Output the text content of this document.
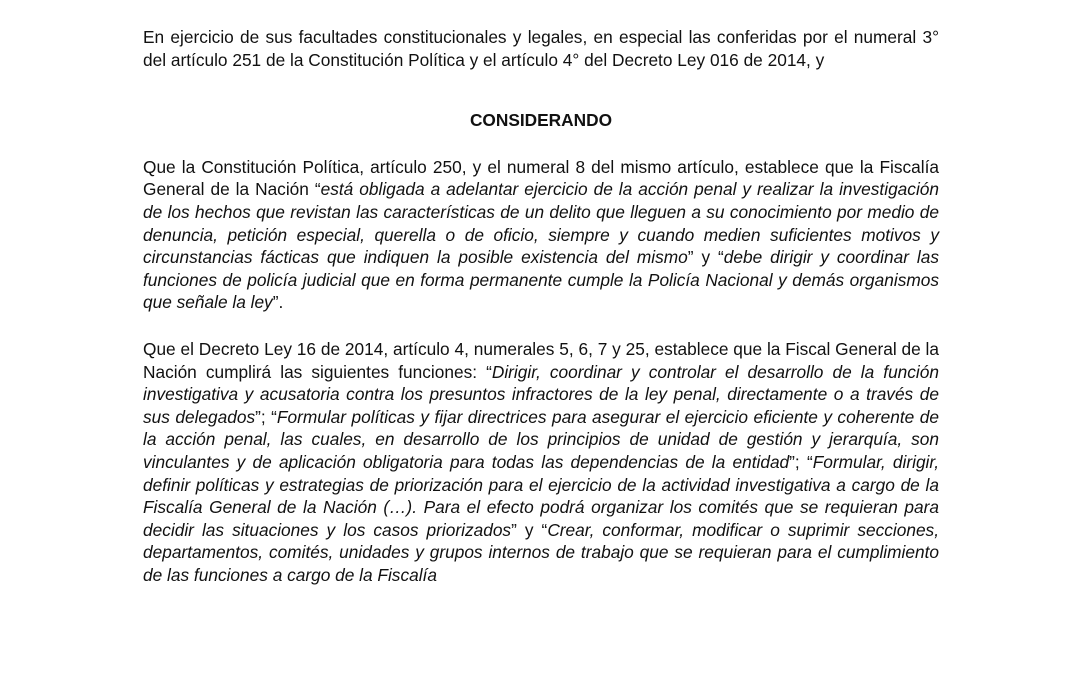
En ejercicio de sus facultades constitucionales y legales, en especial las conferidas por el numeral 3° del artículo 251 de la Constitución Política y el artículo 4° del Decreto Ley 016 de 2014, y

CONSIDERANDO

Que la Constitución Política, artículo 250, y el numeral 8 del mismo artículo, establece que la Fiscalía General de la Nación “está obligada a adelantar ejercicio de la acción penal y realizar la investigación de los hechos que revistan las características de un delito que lleguen a su conocimiento por medio de denuncia, petición especial, querella o de oficio, siempre y cuando medien suficientes motivos y circunstancias fácticas que indiquen la posible existencia del mismo” y “debe dirigir y coordinar las funciones de policía judicial que en forma permanente cumple la Policía Nacional y demás organismos que señale la ley”.

Que el Decreto Ley 16 de 2014, artículo 4, numerales 5, 6, 7 y 25, establece que la Fiscal General de la Nación cumplirá las siguientes funciones: “Dirigir, coordinar y controlar el desarrollo de la función investigativa y acusatoria contra los presuntos infractores de la ley penal, directamente o a través de sus delegados”; “Formular políticas y fijar directrices para asegurar el ejercicio eficiente y coherente de la acción penal, las cuales, en desarrollo de los principios de unidad de gestión y jerarquía, son vinculantes y de aplicación obligatoria para todas las dependencias de la entidad”; “Formular, dirigir, definir políticas y estrategias de priorización para el ejercicio de la actividad investigativa a cargo de la Fiscalía General de la Nación (…). Para el efecto podrá organizar los comités que se requieran para decidir las situaciones y los casos priorizados” y “Crear, conformar, modificar o suprimir secciones, departamentos, comités, unidades y grupos internos de trabajo que se requieran para el cumplimiento de las funciones a cargo de la Fiscalía
